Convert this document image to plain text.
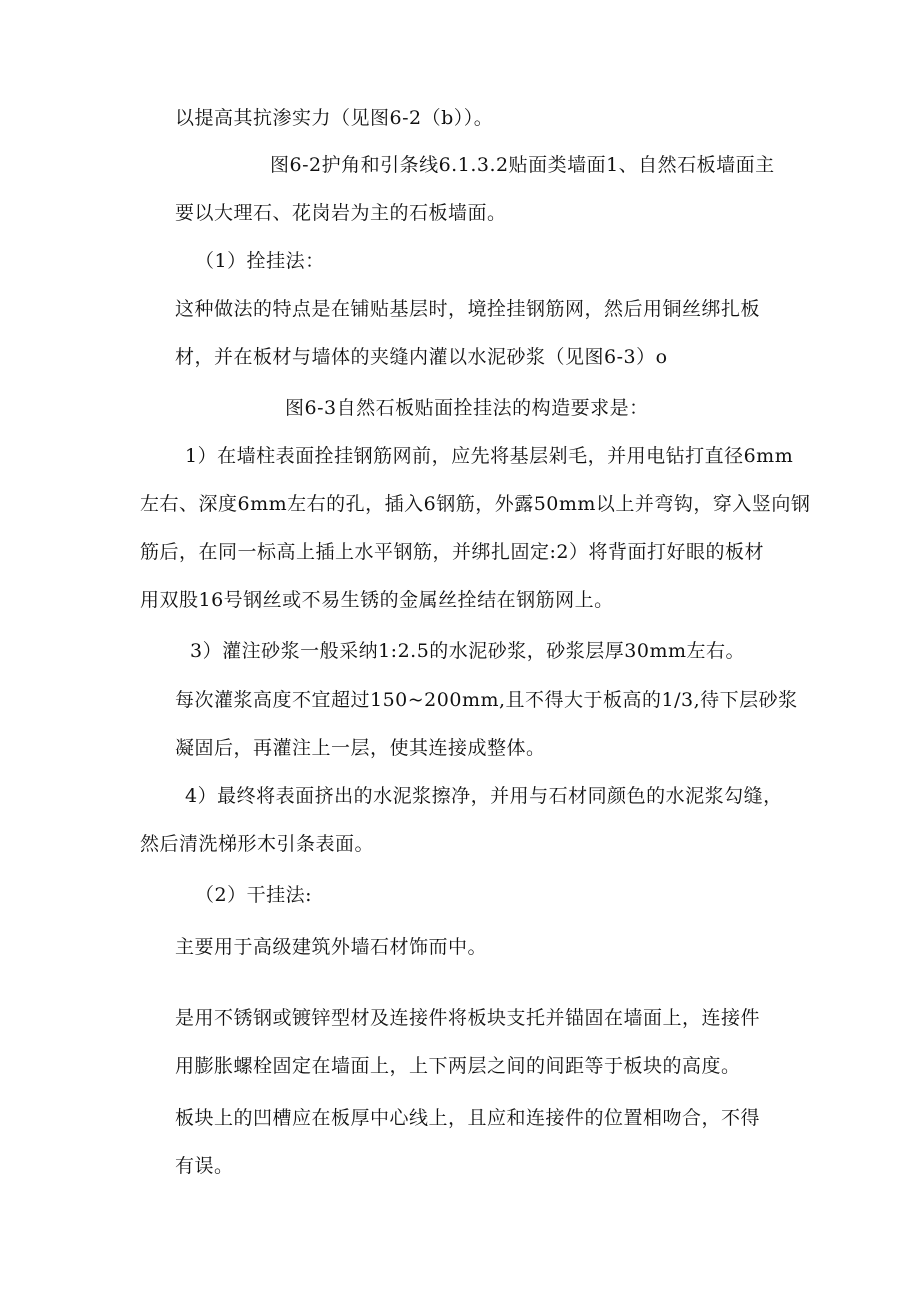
以提高其抗渗实力（见图6-2（b））。
图6-2护角和引条线6.1.3.2贴面类墙面1、自然石板墙面主
要以大理石、花岗岩为主的石板墙面。
（1）拴挂法：
这种做法的特点是在铺贴基层时，境拴挂钢筋网，然后用铜丝绑扎板
材，并在板材与墙体的夹缝内灌以水泥砂浆（见图6-3）o
图6-3自然石板贴面拴挂法的构造要求是：
1）在墙柱表面拴挂钢筋网前，应先将基层剁毛，并用电钻打直径6mm
左右、深度6mm左右的孔，插入6钢筋，外露50mm以上并弯钩，穿入竖向钢
筋后，在同一标高上插上水平钢筋，并绑扎固定:2）将背面打好眼的板材
用双股16号钢丝或不易生锈的金属丝拴结在钢筋网上。
3）灌注砂浆一般采纳1:2.5的水泥砂浆，砂浆层厚30mm左右。
每次灌浆高度不宜超过150~200mm,且不得大于板高的1/3,待下层砂浆
凝固后，再灌注上一层，使其连接成整体。
4）最终将表面挤出的水泥浆擦净，并用与石材同颜色的水泥浆勾缝，
然后清洗梯形木引条表面。
（2）干挂法:
主要用于高级建筑外墙石材饰而中。
是用不锈钢或镀锌型材及连接件将板块支托并锚固在墙面上，连接件
用膨胀螺栓固定在墙面上，上下两层之间的间距等于板块的高度。
板块上的凹槽应在板厚中心线上，且应和连接件的位置相吻合，不得
有误。
